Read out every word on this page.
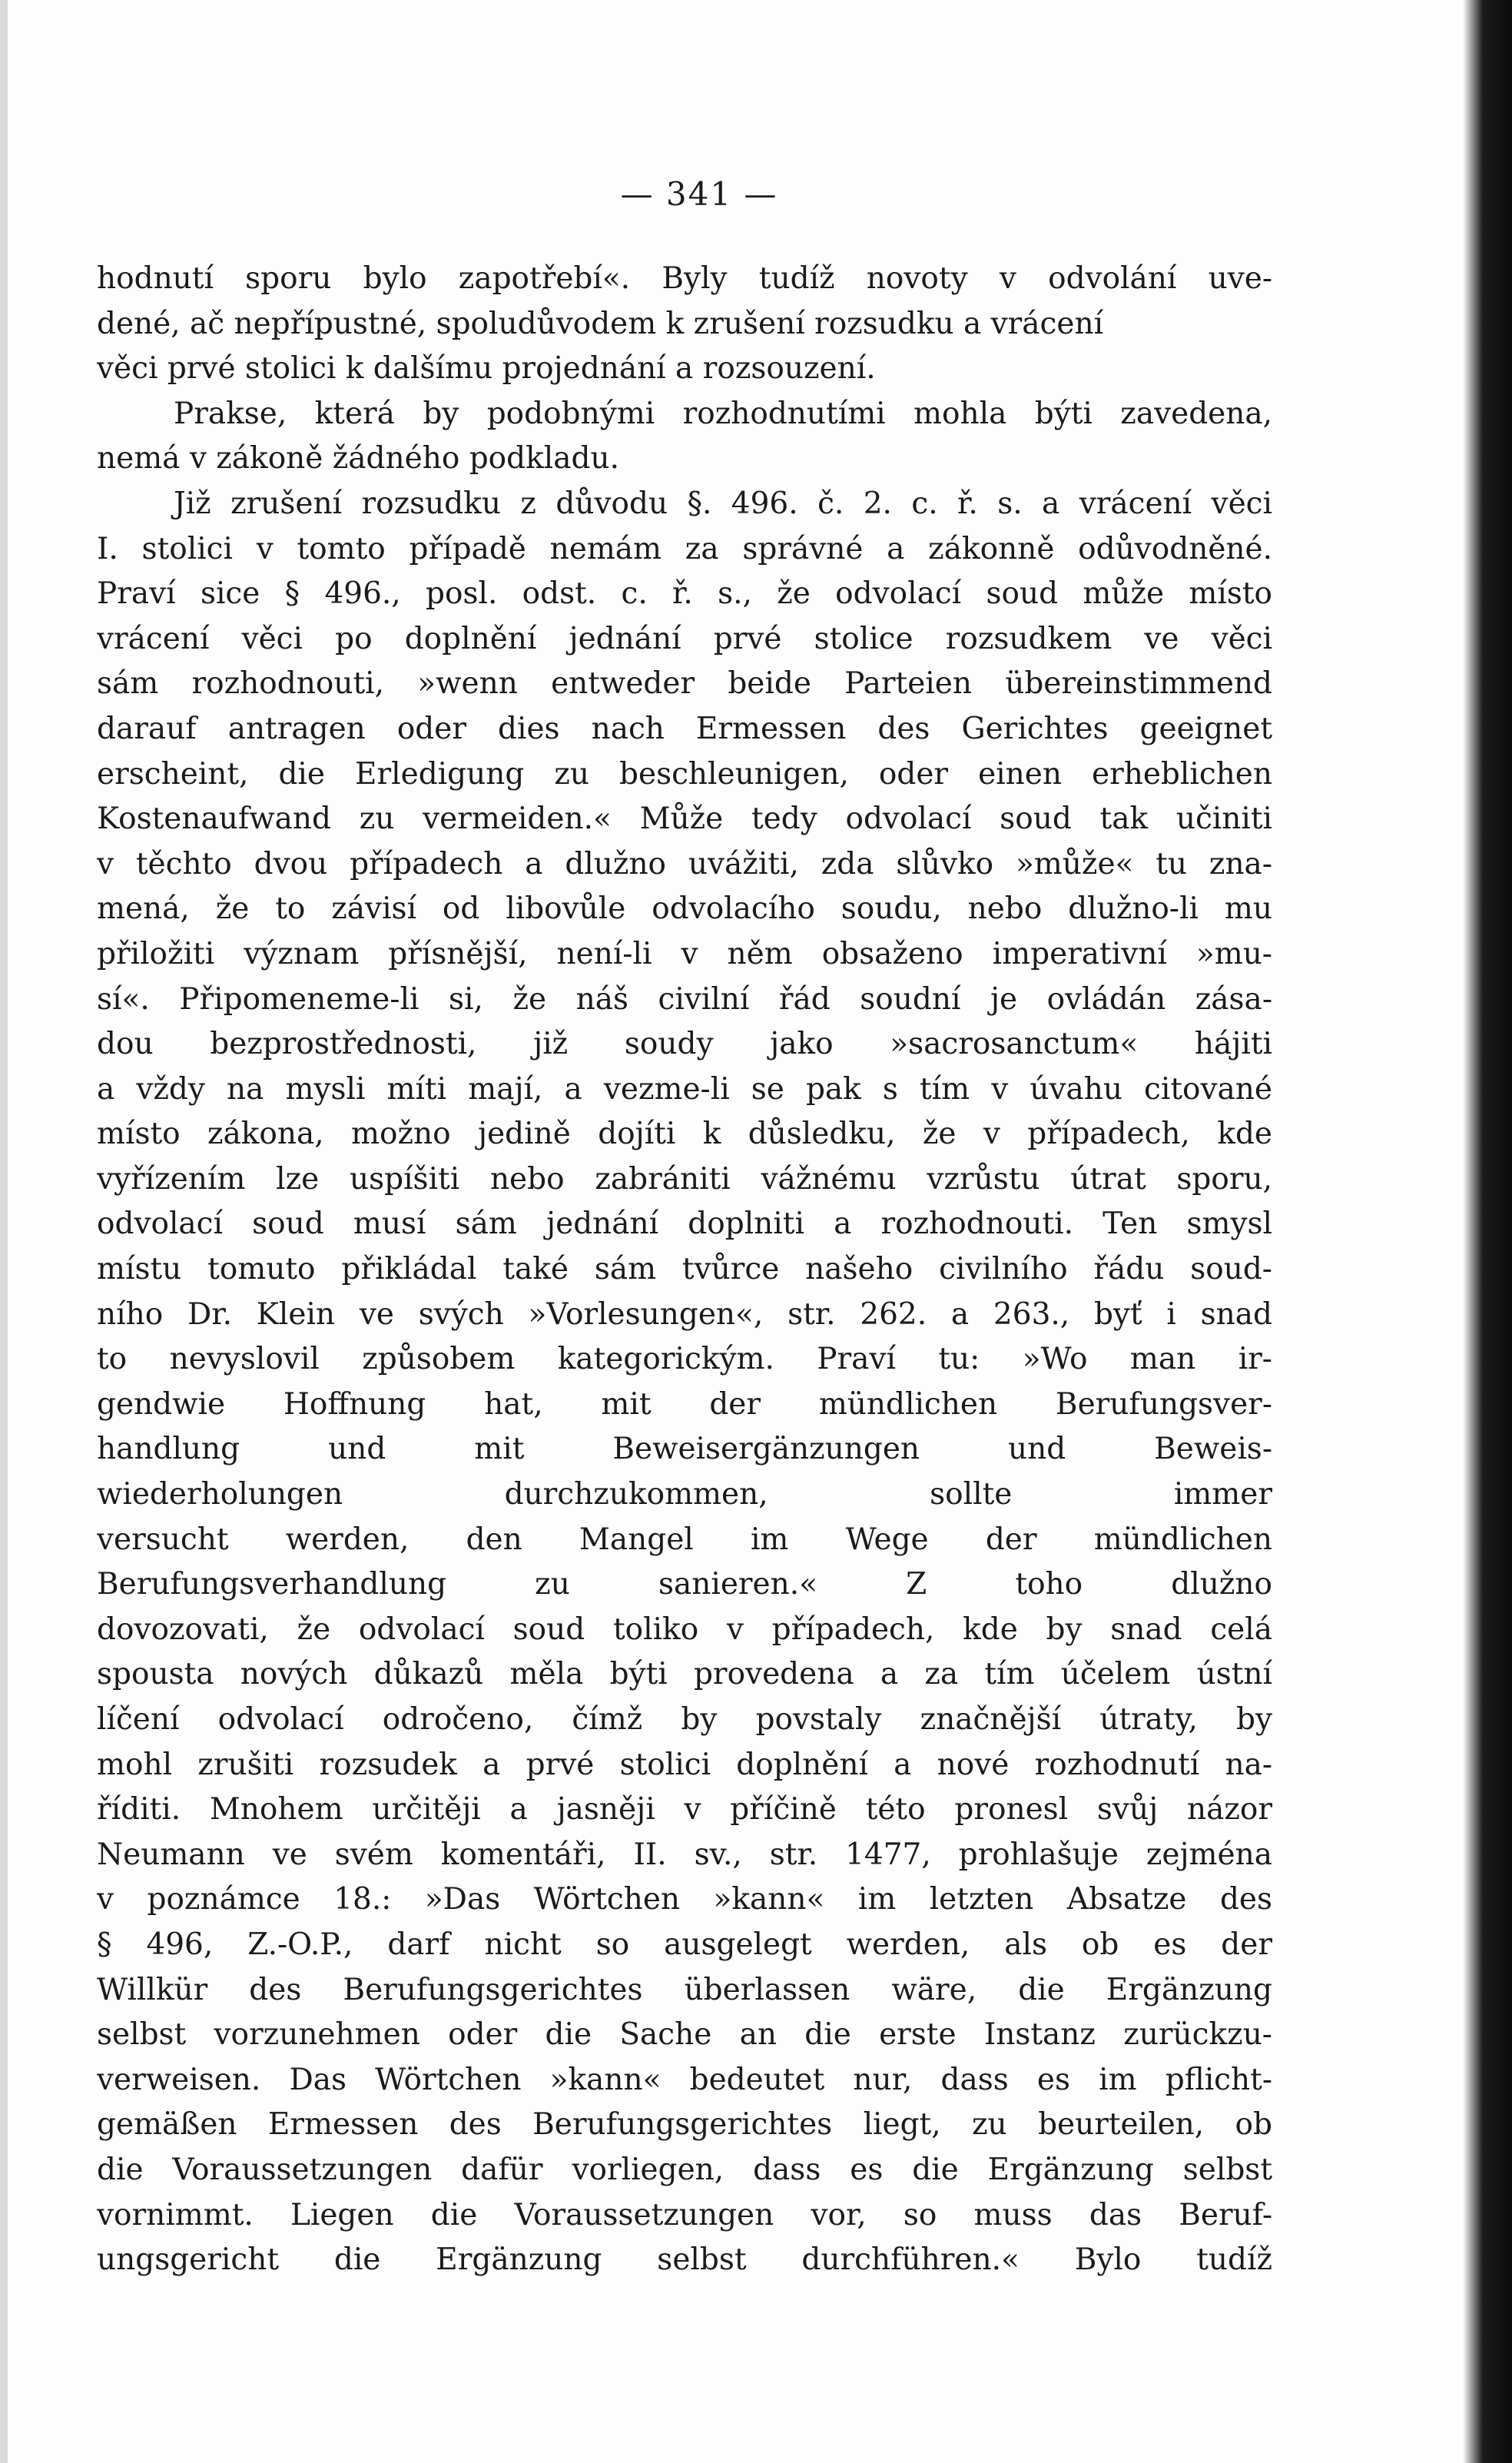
— 341 —
hodnutí sporu bylo zapotřebí«. Byly tudíž novoty v odvolání uve-
dené, ač nepřípustné, spoludůvodem k zrušení rozsudku a vrácení
věci prvé stolici k dalšímu projednání a rozsouzení.
Prakse, která by podobnými rozhodnutími mohla býti zavedena,
nemá v zákoně žádného podkladu.
Již zrušení rozsudku z důvodu §. 496. č. 2. c. ř. s. a vrácení věci
I. stolici v tomto případě nemám za správné a zákonně odůvodněné.
Praví sice § 496., posl. odst. c. ř. s., že odvolací soud může místo
vrácení věci po doplnění jednání prvé stolice rozsudkem ve věci
sám rozhodnouti, »wenn entweder beide Parteien übereinstimmend
darauf antragen oder dies nach Ermessen des Gerichtes geeignet
erscheint, die Erledigung zu beschleunigen, oder einen erheblichen
Kostenaufwand zu vermeiden.« Může tedy odvolací soud tak učiniti
v těchto dvou případech a dlužno uvážiti, zda slůvko »může« tu zna-
mená, že to závisí od libovůle odvolacího soudu, nebo dlužno-li mu
přiložiti význam přísnější, není-li v něm obsaženo imperativní »mu-
sí«. Připomeneme-li si, že náš civilní řád soudní je ovládán zása-
dou bezprostřednosti, již soudy jako »sacrosanctum« hájiti
a vždy na mysli míti mají, a vezme-li se pak s tím v úvahu citované
místo zákona, možno jedině dojíti k důsledku, že v případech, kde
vyřízením lze uspíšiti nebo zabrániti vážnému vzrůstu útrat sporu,
odvolací soud musí sám jednání doplniti a rozhodnouti. Ten smysl
místu tomuto přikládal také sám tvůrce našeho civilního řádu soud-
ního Dr. Klein ve svých »Vorlesungen«, str. 262. a 263., byť i snad
to nevyslovil způsobem kategorickým. Praví tu: »Wo man ir-
gendwie Hoffnung hat, mit der mündlichen Berufungsver-
handlung und mit Beweisergänzungen und Beweis-
wiederholungen durchzukommen, sollte immer
versucht werden, den Mangel im Wege der mündlichen
Berufungsverhandlung zu sanieren.« Z toho dlužno
dovozovati, že odvolací soud toliko v případech, kde by snad celá
spousta nových důkazů měla býti provedena a za tím účelem ústní
líčení odvolací odročeno, čímž by povstaly značnější útraty, by
mohl zrušiti rozsudek a prvé stolici doplnění a nové rozhodnutí na-
říditi. Mnohem určitěji a jasněji v příčině této pronesl svůj názor
Neumann ve svém komentáři, II. sv., str. 1477, prohlašuje zejména
v poznámce 18.: »Das Wörtchen »kann« im letzten Absatze des
§ 496, Z.-O.P., darf nicht so ausgelegt werden, als ob es der
Willkür des Berufungsgerichtes überlassen wäre, die Ergänzung
selbst vorzunehmen oder die Sache an die erste Instanz zurückzu-
verweisen. Das Wörtchen »kann« bedeutet nur, dass es im pflicht-
gemäßen Ermessen des Berufungsgerichtes liegt, zu beurteilen, ob
die Voraussetzungen dafür vorliegen, dass es die Ergänzung selbst
vornimmt. Liegen die Voraussetzungen vor, so muss das Beruf-
ungsgericht die Ergänzung selbst durchführen.« Bylo tudíž
